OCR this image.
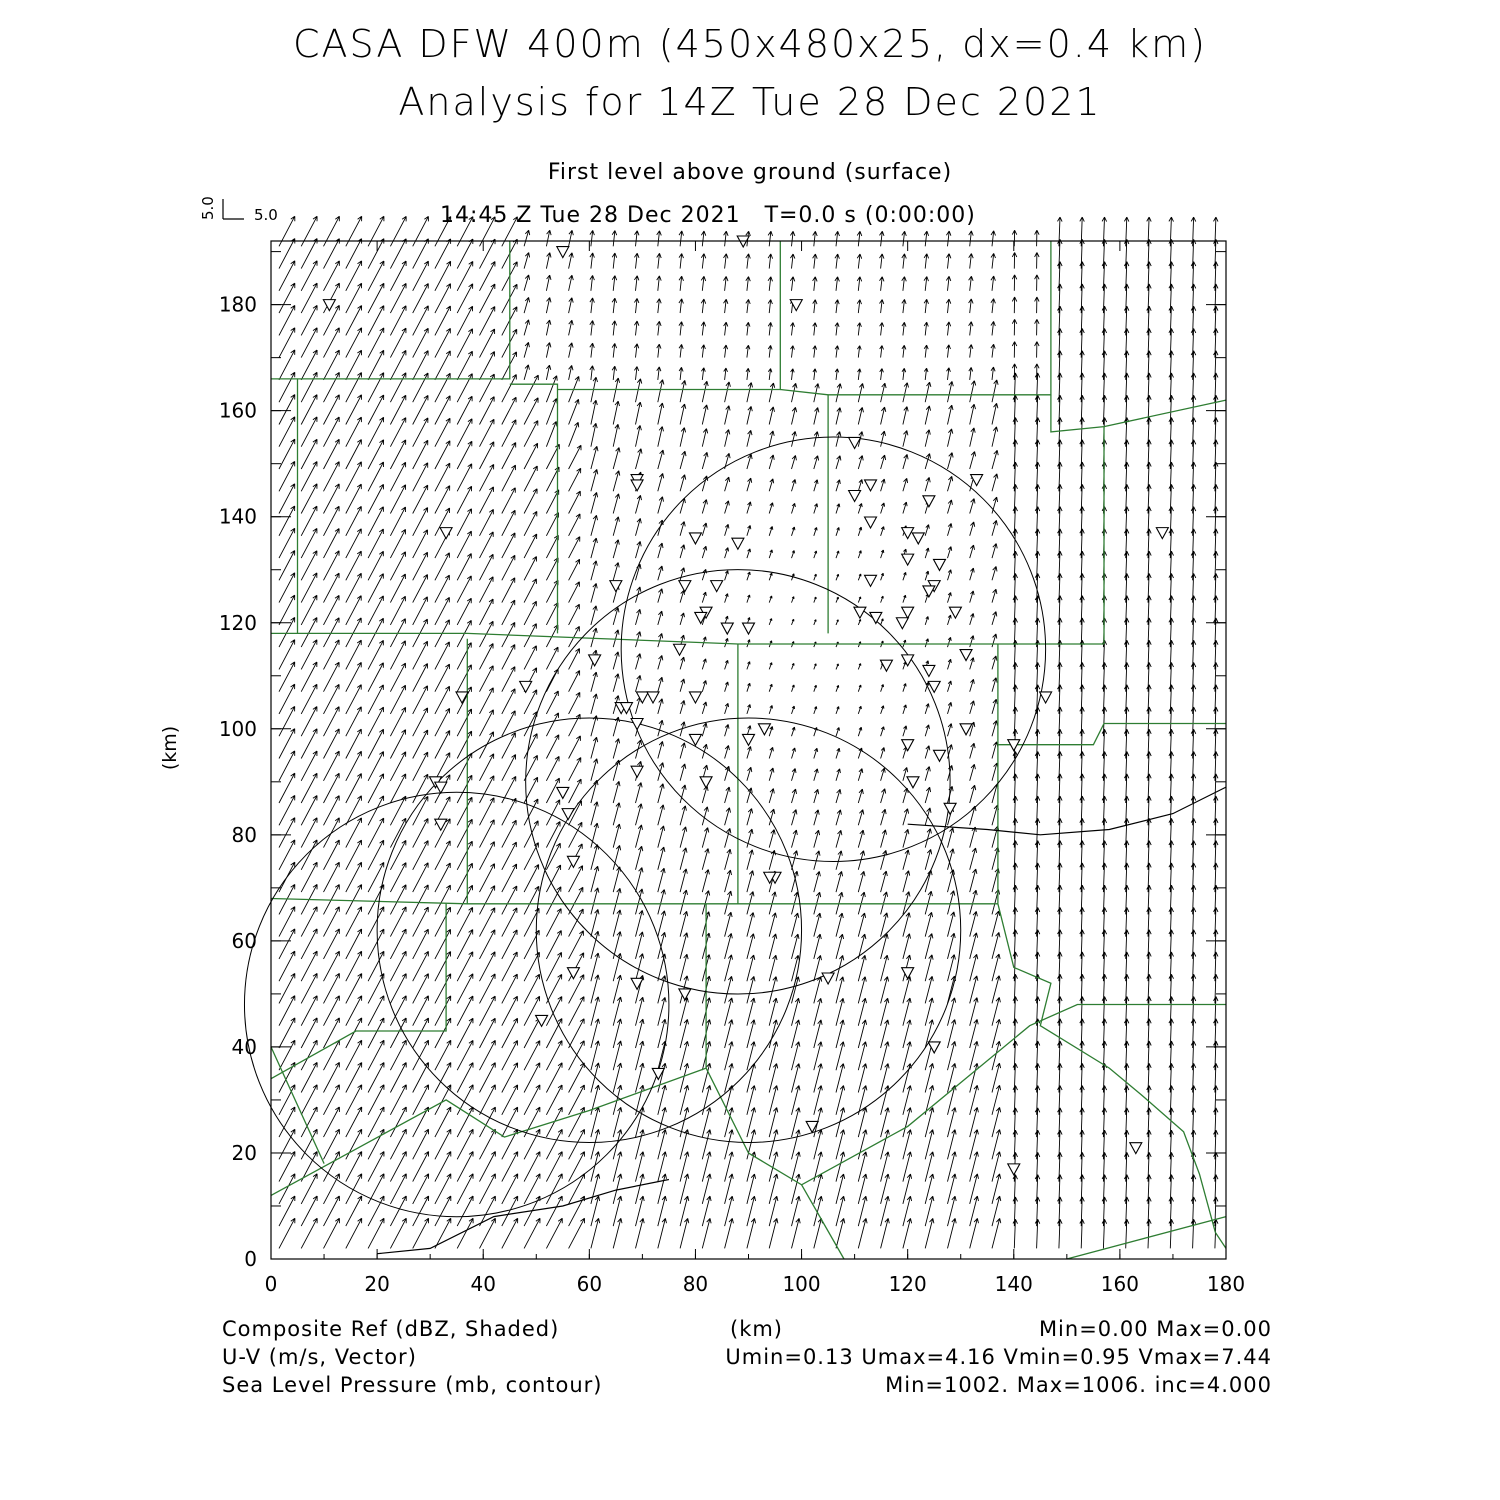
CASA DFW 400m (450x480x25, dx=0.4 km)
Analysis for 14Z Tue 28 Dec 2021
First level above ground (surface)
14:45 Z Tue 28 Dec 2021 T=0.0 s (0:00:00)
0	20	40	60	80	100	120	140	160	180
0
20
40
60
80
100
120
140
160
180
5.0
5.0
(km)
Composite Ref (dBZ, Shaded)
U-V (m/s, Vector)
Sea Level Pressure (mb, contour)
(km)	Min=0.00 Max=0.00
Umin=0.13 Umax=4.16 Vmin=0.95 Vmax=7.44
Min=1002. Max=1006. inc=4.000
